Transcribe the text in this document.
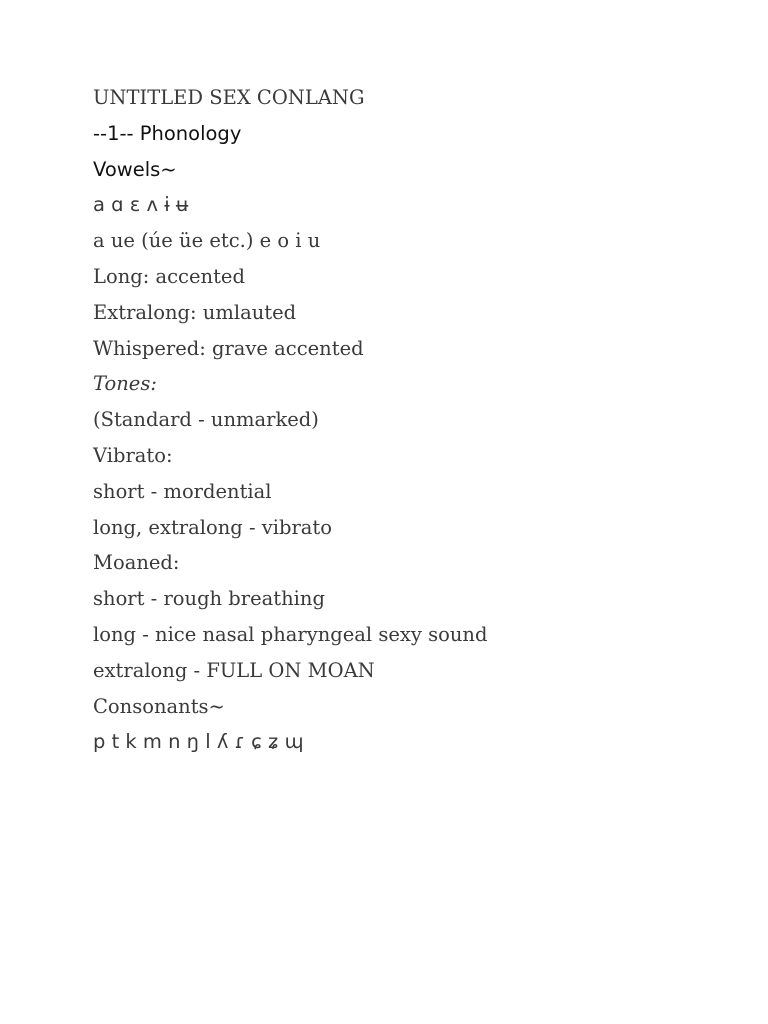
UNTITLED SEX CONLANG
--1-- Phonology
Vowels~
a ɑ ɛ ʌ ɨ ʉ
a ue (úe üe etc.) e o i u
Long: accented
Extralong: umlauted
Whispered: grave accented
Tones:
(Standard - unmarked)
Vibrato:
short - mordential
long, extralong - vibrato
Moaned:
short - rough breathing
long - nice nasal pharyngeal sexy sound
extralong - FULL ON MOAN
Consonants~
p t k m n ŋ l ʎ ɾ ɕ ʑ ɰ
